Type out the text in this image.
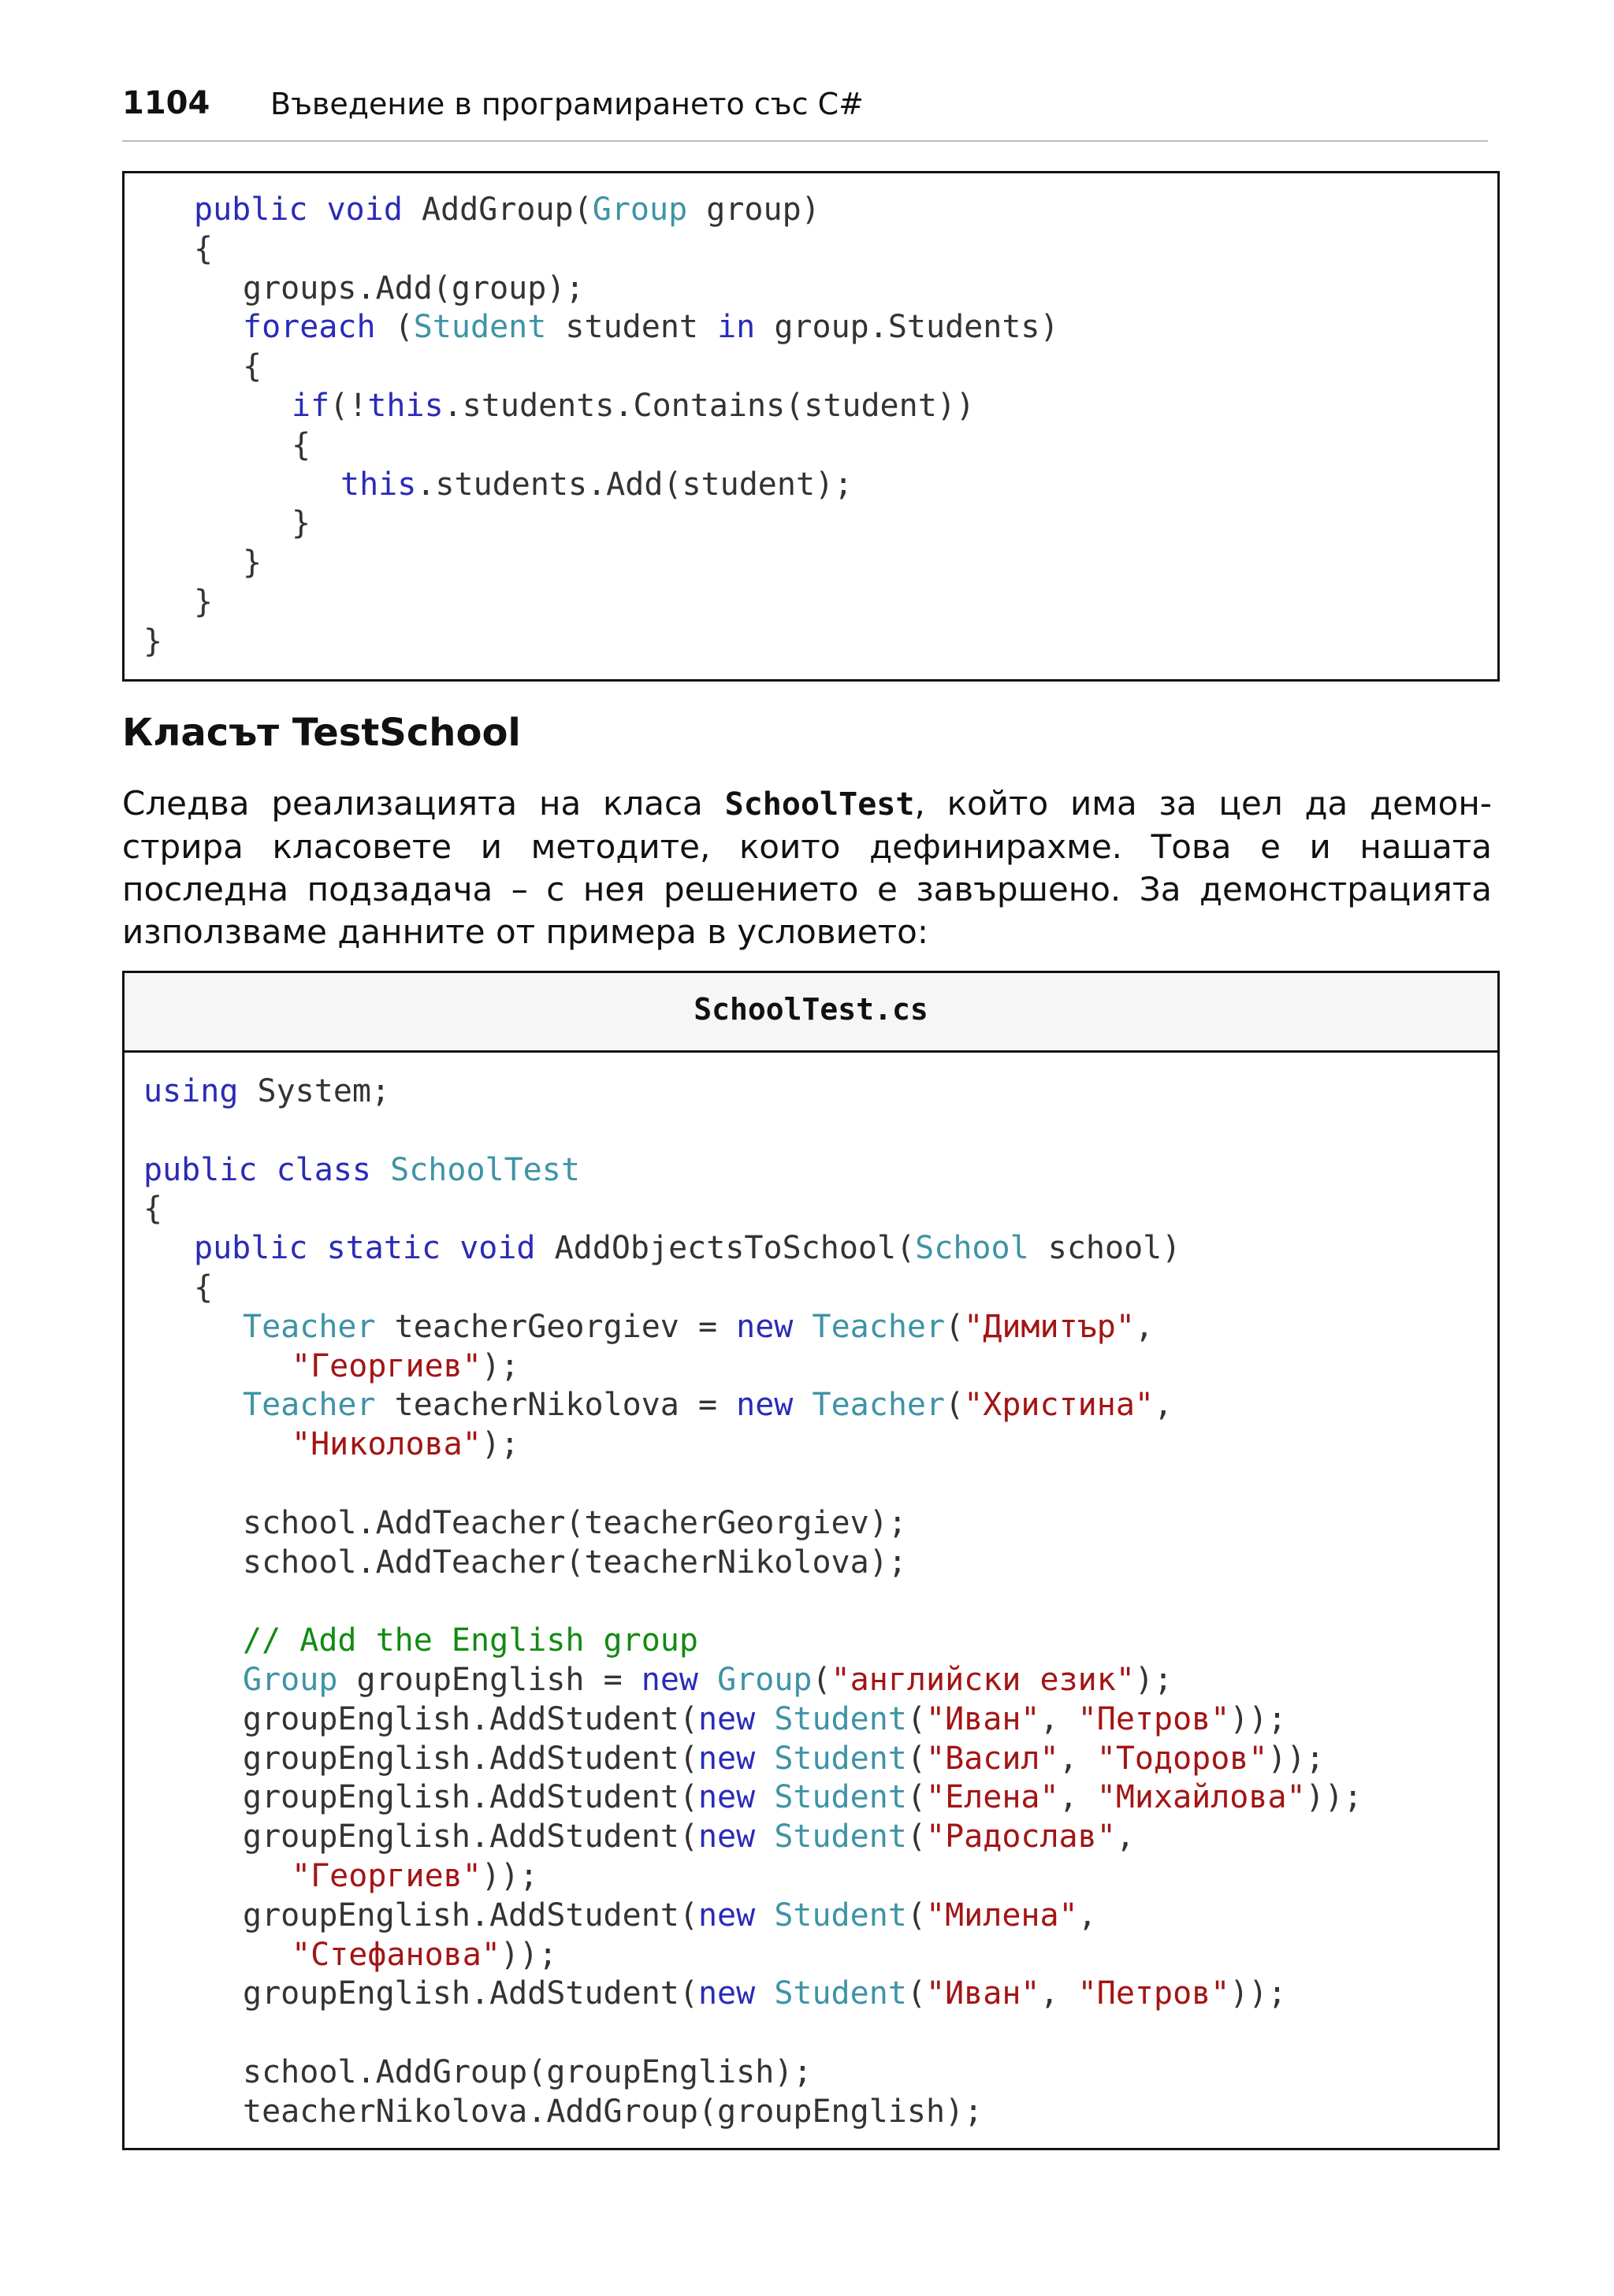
1104 Въведение в програмирането със C#
public void AddGroup(Group group)
{
groups.Add(group);
foreach (Student student in group.Students)
{
if(!this.students.Contains(student))
{
this.students.Add(student);
}
}
}
}
Класът TestSchool
Следва реализацията на класа SchoolTest, който има за цел да демон-
стрира класовете и методите, които дефинирахме. Това е и нашата
последна подзадача – с нея решението е завършено. За демонстрацията
използваме данните от примера в условието:
SchoolTest.cs
using System;

public class SchoolTest
{
public static void AddObjectsToSchool(School school)
{
Teacher teacherGeorgiev = new Teacher("Димитър",
"Георгиев");
Teacher teacherNikolova = new Teacher("Христина",
"Николова");

school.AddTeacher(teacherGeorgiev);
school.AddTeacher(teacherNikolova);

// Add the English group
Group groupEnglish = new Group("английски език");
groupEnglish.AddStudent(new Student("Иван", "Петров"));
groupEnglish.AddStudent(new Student("Васил", "Тодоров"));
groupEnglish.AddStudent(new Student("Елена", "Михайлова"));
groupEnglish.AddStudent(new Student("Радослав",
"Георгиев"));
groupEnglish.AddStudent(new Student("Милена",
"Стефанова"));
groupEnglish.AddStudent(new Student("Иван", "Петров"));

school.AddGroup(groupEnglish);
teacherNikolova.AddGroup(groupEnglish);
